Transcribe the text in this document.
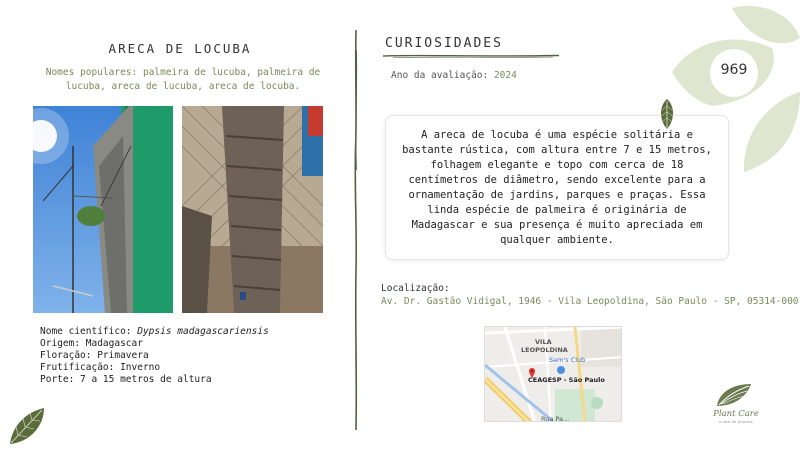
ARECA DE LOCUBA
Nomes populares: palmeira de lucuba, palmeira de lucuba, areca de lucuba, areca de locuba.
Nome científico: Dypsis madagascariensis
Origem: Madagascar
Floração: Primavera
Frutificação: Inverno
Porte: 7 a 15 metros de altura
CURIOSIDADES
Ano da avaliação: 2024
A areca de locuba é uma espécie solitária e bastante rústica, com altura entre 7 e 15 metros, folhagem elegante e topo com cerca de 18 centímetros de diâmetro, sendo excelente para a ornamentação de jardins, parques e praças. Essa linda espécie de palmeira é originária de Madagascar e sua presença é muito apreciada em qualquer ambiente.
Localização:
Av. Dr. Gastão Vidigal, 1946 - Vila Leopoldina, São Paulo - SP, 05314-000
VILA
LEOPOLDINA
Sam's Club
CEAGESP - São Paulo
Rua Pa...
969
Plant Care
cuide de plantas
